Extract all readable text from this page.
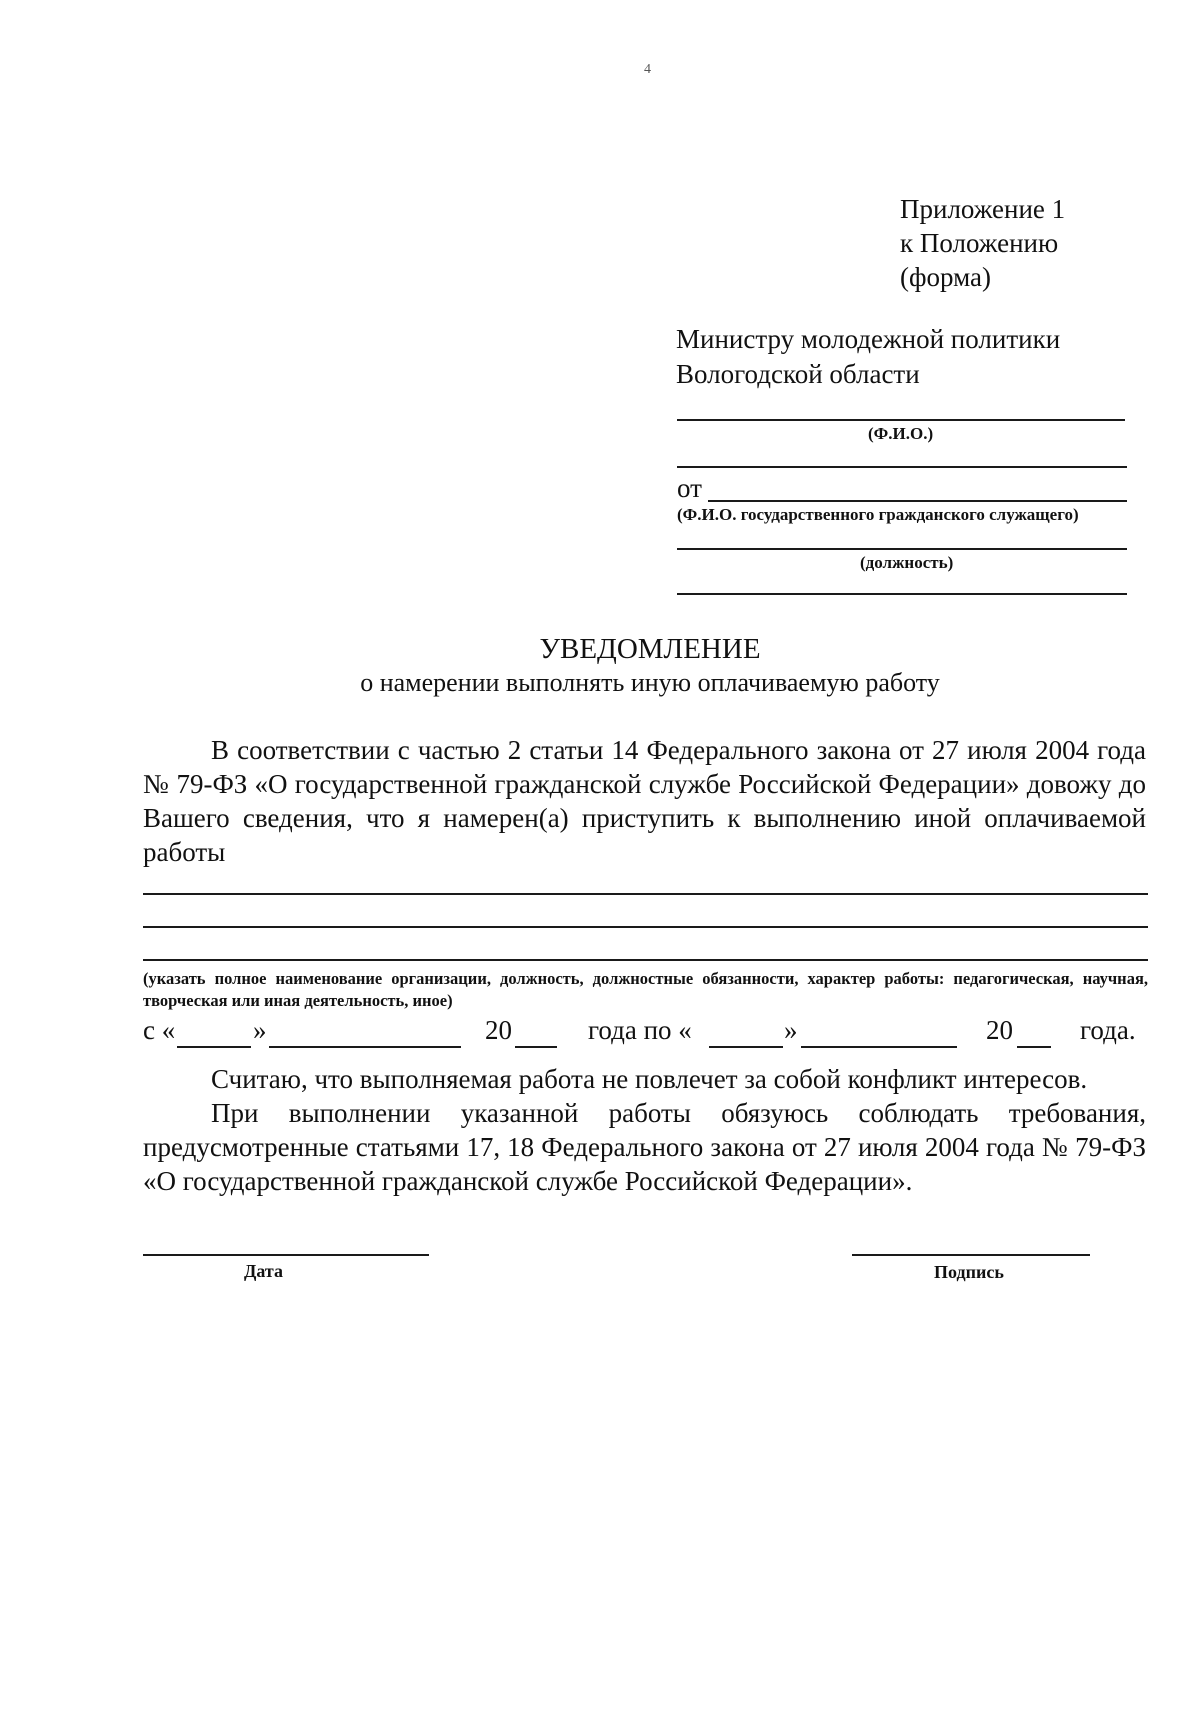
4
Приложение 1
к Положению
(форма)
Министру молодежной политики
Вологодской области
(Ф.И.О.)
от
(Ф.И.О. государственного гражданского служащего)
(должность)
УВЕДОМЛЕНИЕ
о намерении выполнять иную оплачиваемую работу
В соответствии с частью 2 статьи 14 Федерального закона от 27 июля 2004 года № 79-ФЗ «О государственной гражданской службе Российской Федерации» довожу до Вашего сведения, что я намерен(а) приступить к выполнению иной оплачиваемой работы
(указать полное наименование организации, должность, должностные обязанности, характер работы: педагогическая, научная, творческая или иная деятельность, иное)
с «	»	20	года по «	»	20 года.
Считаю, что выполняемая работа не повлечет за собой конфликт интересов.
При выполнении указанной работы обязуюсь соблюдать требования, предусмотренные статьями 17, 18 Федерального закона от 27 июля 2004 года № 79-ФЗ «О государственной гражданской службе Российской Федерации».
Дата	Подпись
